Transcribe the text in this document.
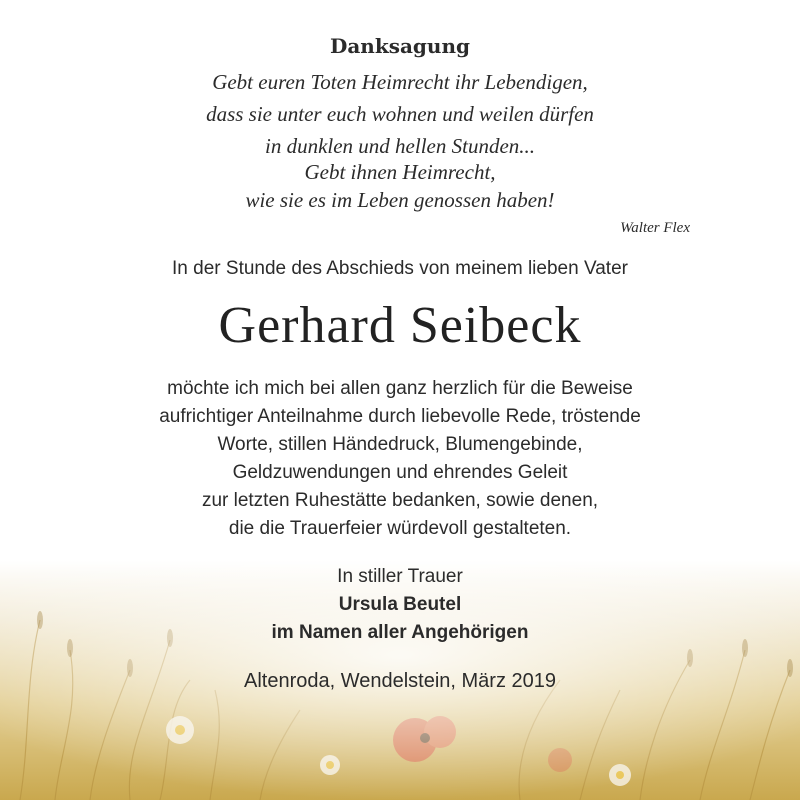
Danksagung
Gebt euren Toten Heimrecht ihr Lebendigen,
dass sie unter euch wohnen und weilen dürfen
in dunklen und hellen Stunden...
Gebt ihnen Heimrecht,
wie sie es im Leben genossen haben!
Walter Flex
In der Stunde des Abschieds von meinem lieben Vater
Gerhard Seibeck
möchte ich mich bei allen ganz herzlich für die Beweise
aufrichtiger Anteilnahme durch liebevolle Rede, tröstende
Worte, stillen Händedruck, Blumengebinde,
Geldzuwendungen und ehrendes Geleit
zur letzten Ruhestätte bedanken, sowie denen,
die die Trauerfeier würdevoll gestalteten.
In stiller Trauer
Ursula Beutel
im Namen aller Angehörigen
Altenroda, Wendelstein, März 2019
